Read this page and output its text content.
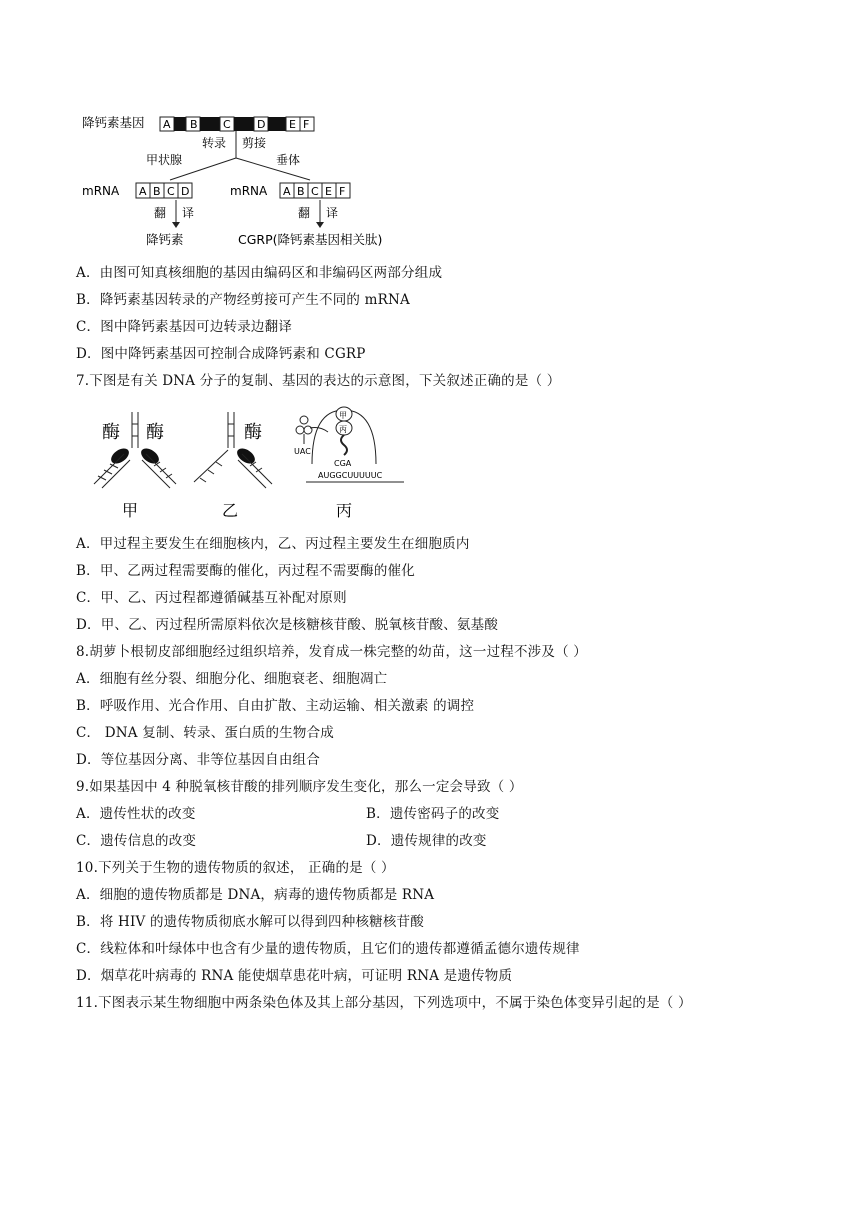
降钙素基因 A B C D E F
转录 剪接
甲状腺	垂体
mRNA A B C D	mRNA A B C E F
翻 译	翻 译
降钙素	CGRP(降钙素基因相关肽)
A．由图可知真核细胞的基因由编码区和非编码区两部分组成
B．降钙素基因转录的产物经剪接可产生不同的 mRNA
C．图中降钙素基因可边转录边翻译
D．图中降钙素基因可控制合成降钙素和 CGRP
7.下图是有关 DNA 分子的复制、基因的表达的示意图，下关叙述正确的是（ ）
酶 酶
甲
酶
乙
甲
丙
CGA
UAC
AUGGCUUUUUC
丙
A．甲过程主要发生在细胞核内，乙、丙过程主要发生在细胞质内
B．甲、乙两过程需要酶的催化，丙过程不需要酶的催化
C．甲、乙、丙过程都遵循碱基互补配对原则
D．甲、乙、丙过程所需原料依次是核糖核苷酸、脱氧核苷酸、氨基酸
8.胡萝卜根韧皮部细胞经过组织培养，发育成一株完整的幼苗，这一过程不涉及（ ）
A．细胞有丝分裂、细胞分化、细胞衰老、细胞凋亡
B．呼吸作用、光合作用、自由扩散、主动运输、相关激素 的调控
C． DNA 复制、转录、蛋白质的生物合成
D．等位基因分离、非等位基因自由组合
9.如果基因中 4 种脱氧核苷酸的排列顺序发生变化，那么一定会导致（ ）
A．遗传性状的改变	B．遗传密码子的改变
C．遗传信息的改变	D．遗传规律的改变
10.下列关于生物的遗传物质的叙述， 正确的是（ ）
A．细胞的遗传物质都是 DNA，病毒的遗传物质都是 RNA
B．将 HIV 的遗传物质彻底水解可以得到四种核糖核苷酸
C．线粒体和叶绿体中也含有少量的遗传物质，且它们的遗传都遵循孟德尔遗传规律
D．烟草花叶病毒的 RNA 能使烟草患花叶病，可证明 RNA 是遗传物质
11.下图表示某生物细胞中两条染色体及其上部分基因，下列选项中，不属于染色体变异引起的是（ ）
